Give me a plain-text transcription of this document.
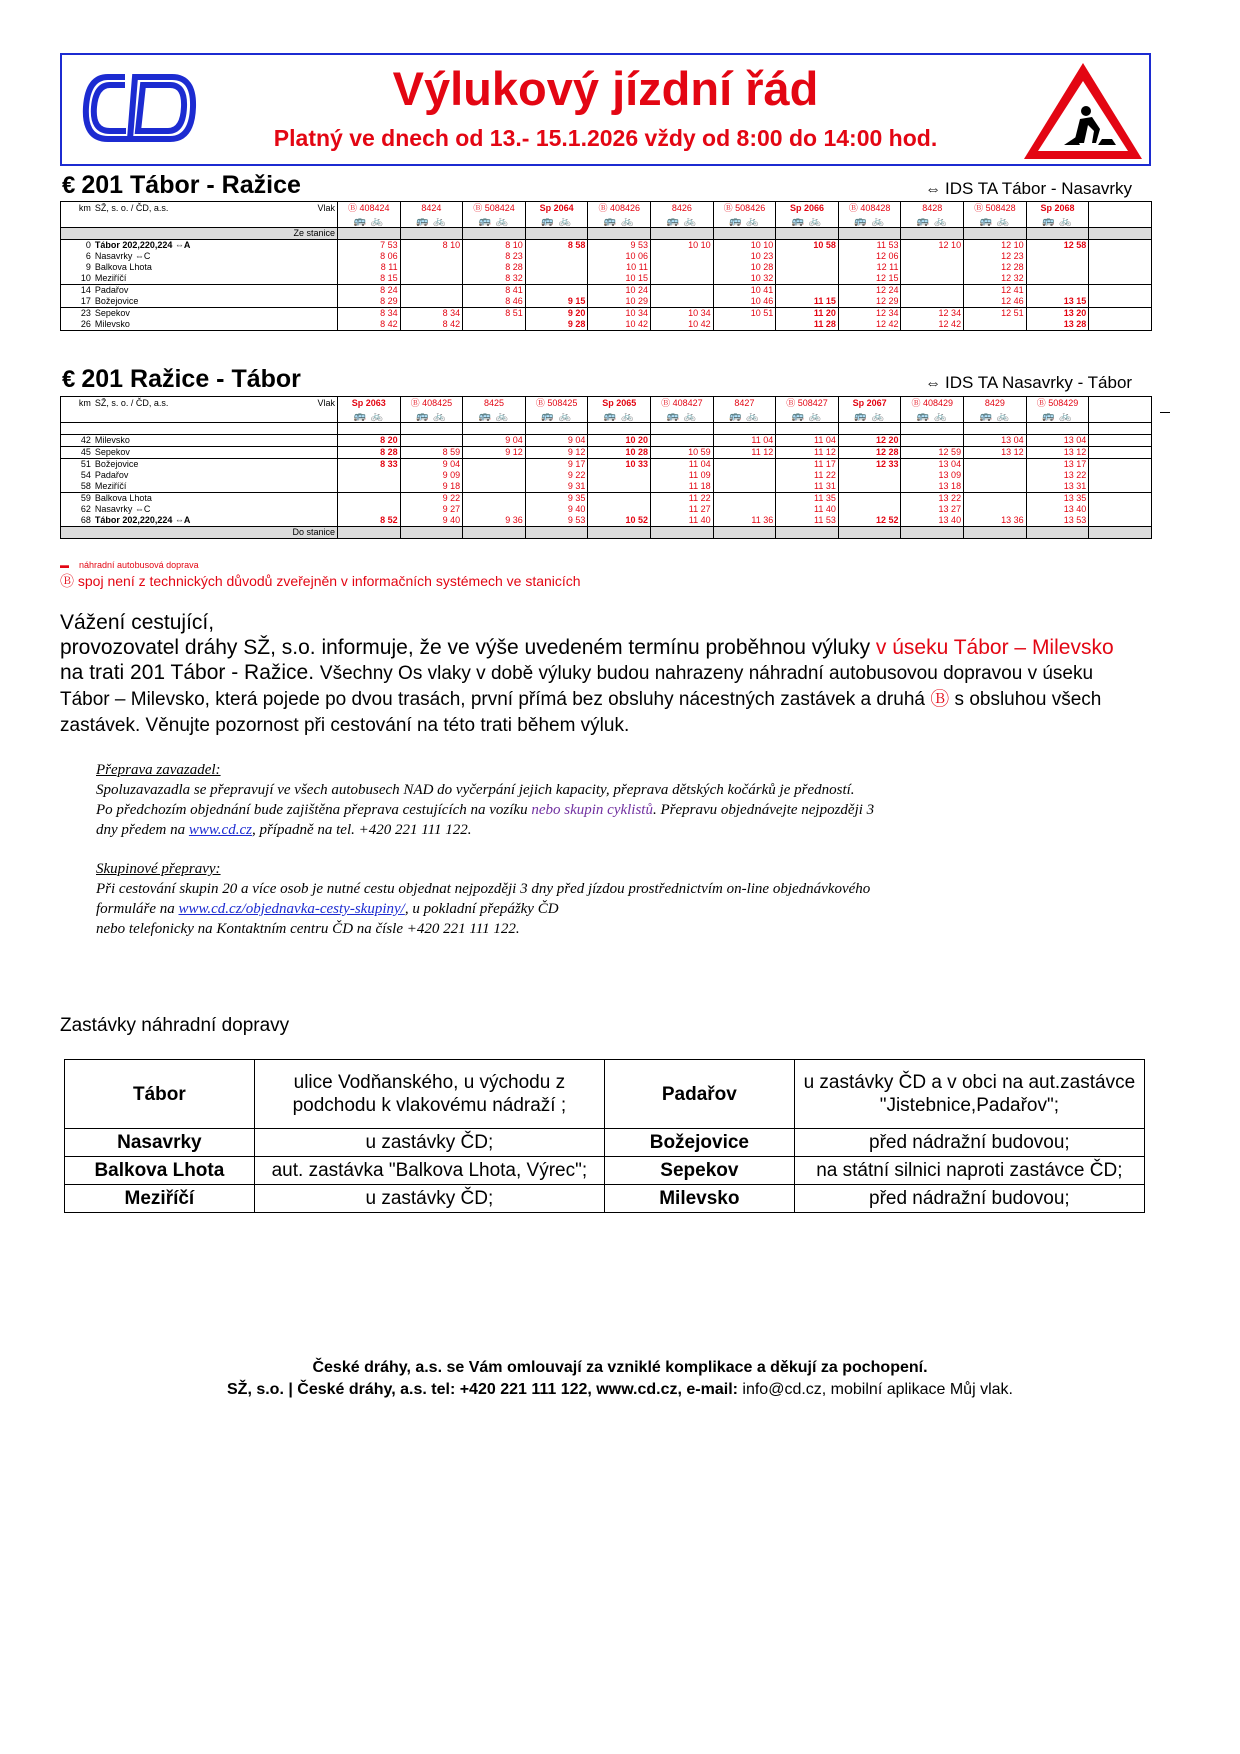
Výlukový jízdní řád
Platný ve dnech od 13.- 15.1.2026 vždy od 8:00 do 14:00 hod.
€ 201 Tábor - Ražice	⇔ IDS TA Tábor - Nasavrky
km	SŽ, s. o. / ČD, a.s. Vlak	Ⓑ 408424	8424	Ⓑ 508424	Sp 2064	Ⓑ 408426	8426	Ⓑ 508426	Sp 2066	Ⓑ 408428	8428	Ⓑ 508428	Sp 2068	
		🚌 🚲	🚌 🚲	🚌 🚲	🚌 🚲	🚌 🚲	🚌 🚲	🚌 🚲	🚌 🚲	🚌 🚲	🚌 🚲	🚌 🚲	🚌 🚲	
	Ze stanice													
0	Tábor 202,220,224 ⇔A	7 53	8 10	8 10	8 58	9 53	10 10	10 10	10 58	11 53	12 10	12 10	12 58	
6	Nasavrky ⇔C	8 06		8 23		10 06		10 23		12 06		12 23		
9	Balkova Lhota	8 11		8 28		10 11		10 28		12 11		12 28		
10	Meziříčí	8 15		8 32		10 15		10 32		12 15		12 32		
14	Padařov	8 24		8 41		10 24		10 41		12 24		12 41		
17	Božejovice	8 29		8 46	9 15	10 29		10 46	11 15	12 29		12 46	13 15	
23	Sepekov	8 34	8 34	8 51	9 20	10 34	10 34	10 51	11 20	12 34	12 34	12 51	13 20	
26	Milevsko	8 42	8 42		9 28	10 42	10 42		11 28	12 42	12 42		13 28	
€ 201 Ražice - Tábor	⇔ IDS TA Nasavrky - Tábor
km	SŽ, s. o. / ČD, a.s. Vlak	Sp 2063	Ⓑ 408425	8425	Ⓑ 508425	Sp 2065	Ⓑ 408427	8427	Ⓑ 508427	Sp 2067	Ⓑ 408429	8429	Ⓑ 508429	
		🚌 🚲	🚌 🚲	🚌 🚲	🚌 🚲	🚌 🚲	🚌 🚲	🚌 🚲	🚌 🚲	🚌 🚲	🚌 🚲	🚌 🚲	🚌 🚲	

42	Milevsko	8 20		9 04	9 04	10 20		11 04	11 04	12 20		13 04	13 04	
45	Sepekov	8 28	8 59	9 12	9 12	10 28	10 59	11 12	11 12	12 28	12 59	13 12	13 12	
51	Božejovice	8 33	9 04		9 17	10 33	11 04		11 17	12 33	13 04		13 17	
54	Padařov		9 09		9 22		11 09		11 22		13 09		13 22	
58	Meziříčí		9 18		9 31		11 18		11 31		13 18		13 31	
59	Balkova Lhota		9 22		9 35		11 22		11 35		13 22		13 35	
62	Nasavrky ⇔C		9 27		9 40		11 27		11 40		13 27		13 40	
68	Tábor 202,220,224 ⇔A	8 52	9 40	9 36	9 53	10 52	11 40	11 36	11 53	12 52	13 40	13 36	13 53	
	Do stanice													
▬ náhradní autobusová doprava
Ⓑ spoj není z technických důvodů zveřejněn v informačních systémech ve stanicích
Vážení cestující,
provozovatel dráhy SŽ, s.o. informuje, že ve výše uvedeném termínu proběhnou výluky v úseku Tábor – Milevsko na trati 201 Tábor - Ražice. Všechny Os vlaky v době výluky budou nahrazeny náhradní autobusovou dopravou v úseku Tábor – Milevsko, která pojede po dvou trasách, první přímá bez obsluhy nácestných zastávek a druhá Ⓑ s obsluhou všech zastávek. Věnujte pozornost při cestování na této trati během výluk.
Přeprava zavazadel:
Spoluzavazadla se přepravují ve všech autobusech NAD do vyčerpání jejich kapacity, přeprava dětských kočárků je předností.
Po předchozím objednání bude zajištěna přeprava cestujících na vozíku nebo skupin cyklistů. Přepravu objednávejte nejpozději 3
dny předem na www.cd.cz, případně na tel. +420 221 111 122.
Skupinové přepravy:
Při cestování skupin 20 a více osob je nutné cestu objednat nejpozději 3 dny před jízdou prostřednictvím on-line objednávkového
formuláře na www.cd.cz/objednavka-cesty-skupiny/, u pokladní přepážky ČD
nebo telefonicky na Kontaktním centru ČD na čísle +420 221 111 122.
Zastávky náhradní dopravy
Tábor	ulice Vodňanského, u východu z podchodu k vlakovému nádraží ;	Padařov	u zastávky ČD a v obci na aut.zastávce "Jistebnice,Padařov";
Nasavrky	u zastávky ČD;	Božejovice	před nádražní budovou;
Balkova Lhota	aut. zastávka "Balkova Lhota, Výrec";	Sepekov	na státní silnici naproti zastávce ČD;
Meziříčí	u zastávky ČD;	Milevsko	před nádražní budovou;
České dráhy, a.s. se Vám omlouvají za vzniklé komplikace a děkují za pochopení.
SŽ, s.o. | České dráhy, a.s. tel: +420 221 111 122, www.cd.cz, e-mail: info@cd.cz, mobilní aplikace Můj vlak.
